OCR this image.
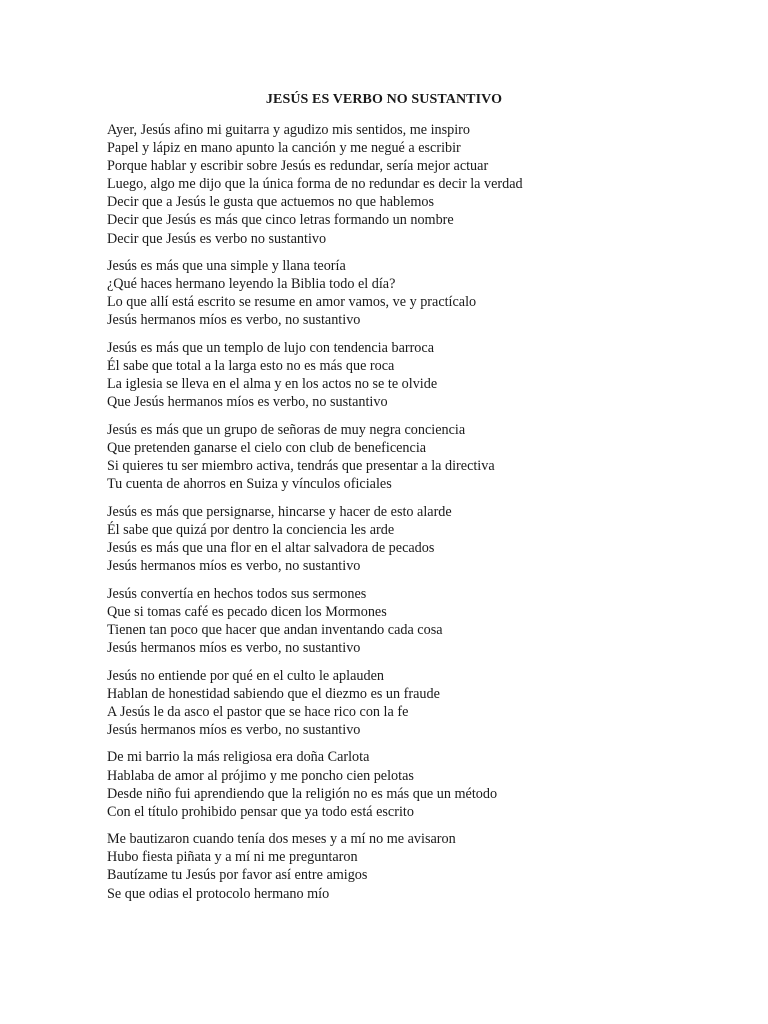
JESÚS ES VERBO NO SUSTANTIVO
Ayer, Jesús afino mi guitarra y agudizo mis sentidos, me inspiro
Papel y lápiz en mano apunto la canción y me negué a escribir
Porque hablar y escribir sobre Jesús es redundar, sería mejor actuar
Luego, algo me dijo que la única forma de no redundar es decir la verdad
Decir que a Jesús le gusta que actuemos no que hablemos
Decir que Jesús es más que cinco letras formando un nombre
Decir que Jesús es verbo no sustantivo
Jesús es más que una simple y llana teoría
¿Qué haces hermano leyendo la Biblia todo el día?
Lo que allí está escrito se resume en amor vamos, ve y practícalo
Jesús hermanos míos es verbo, no sustantivo
Jesús es más que un templo de lujo con tendencia barroca
Él sabe que total a la larga esto no es más que roca
La iglesia se lleva en el alma y en los actos no se te olvide
Que Jesús hermanos míos es verbo, no sustantivo
Jesús es más que un grupo de señoras de muy negra conciencia
Que pretenden ganarse el cielo con club de beneficencia
Si quieres tu ser miembro activa, tendrás que presentar a la directiva
Tu cuenta de ahorros en Suiza y vínculos oficiales
Jesús es más que persignarse, hincarse y hacer de esto alarde
Él sabe que quizá por dentro la conciencia les arde
Jesús es más que una flor en el altar salvadora de pecados
Jesús hermanos míos es verbo, no sustantivo
Jesús convertía en hechos todos sus sermones
Que si tomas café es pecado dicen los Mormones
Tienen tan poco que hacer que andan inventando cada cosa
Jesús hermanos míos es verbo, no sustantivo
Jesús no entiende por qué en el culto le aplauden
Hablan de honestidad sabiendo que el diezmo es un fraude
A Jesús le da asco el pastor que se hace rico con la fe
Jesús hermanos míos es verbo, no sustantivo
De mi barrio la más religiosa era doña Carlota
Hablaba de amor al prójimo y me poncho cien pelotas
Desde niño fui aprendiendo que la religión no es más que un método
Con el título prohibido pensar que ya todo está escrito
Me bautizaron cuando tenía dos meses y a mí no me avisaron
Hubo fiesta piñata y a mí ni me preguntaron
Bautízame tu Jesús por favor así entre amigos
Se que odias el protocolo hermano mío
